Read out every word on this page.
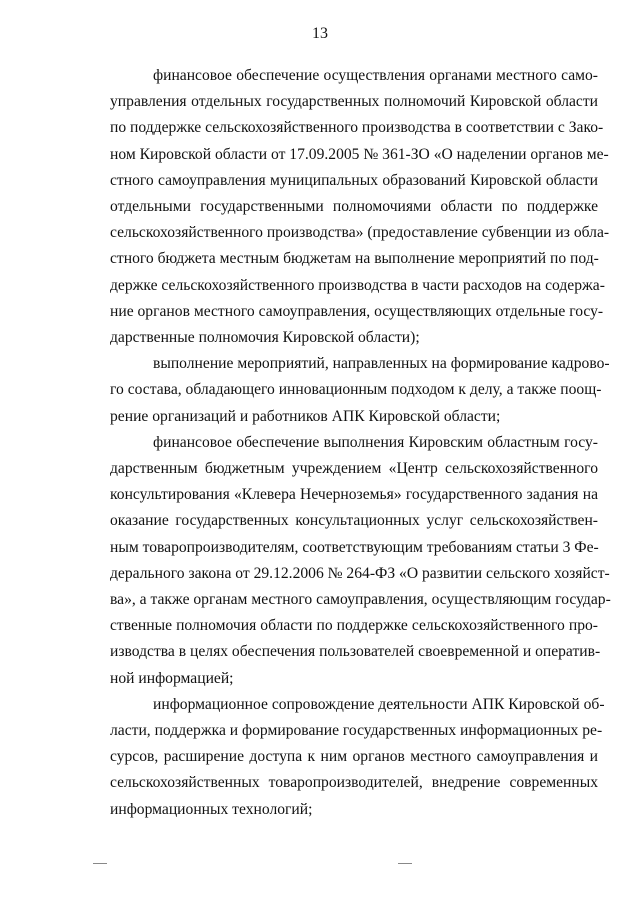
13
финансовое обеспечение осуществления органами местного само-
управления отдельных государственных полномочий Кировской области
по поддержке сельскохозяйственного производства в соответствии с Зако-
ном Кировской области от 17.09.2005 № 361-ЗО «О наделении органов ме-
стного самоуправления муниципальных образований Кировской области
отдельными государственными полномочиями области по поддержке
сельскохозяйственного производства» (предоставление субвенции из обла-
стного бюджета местным бюджетам на выполнение мероприятий по под-
держке сельскохозяйственного производства в части расходов на содержа-
ние органов местного самоуправления, осуществляющих отдельные госу-
дарственные полномочия Кировской области);
выполнение мероприятий, направленных на формирование кадрово-
го состава, обладающего инновационным подходом к делу, а также поощ-
рение организаций и работников АПК Кировской области;
финансовое обеспечение выполнения Кировским областным госу-
дарственным бюджетным учреждением «Центр сельскохозяйственного
консультирования «Клевера Нечерноземья» государственного задания на
оказание государственных консультационных услуг сельскохозяйствен-
ным товаропроизводителям, соответствующим требованиям статьи 3 Фе-
дерального закона от 29.12.2006 № 264-ФЗ «О развитии сельского хозяйст-
ва», а также органам местного самоуправления, осуществляющим государ-
ственные полномочия области по поддержке сельскохозяйственного про-
изводства в целях обеспечения пользователей своевременной и оператив-
ной информацией;
информационное сопровождение деятельности АПК Кировской об-
ласти, поддержка и формирование государственных информационных ре-
сурсов, расширение доступа к ним органов местного самоуправления и
сельскохозяйственных товаропроизводителей, внедрение современных
информационных технологий;
